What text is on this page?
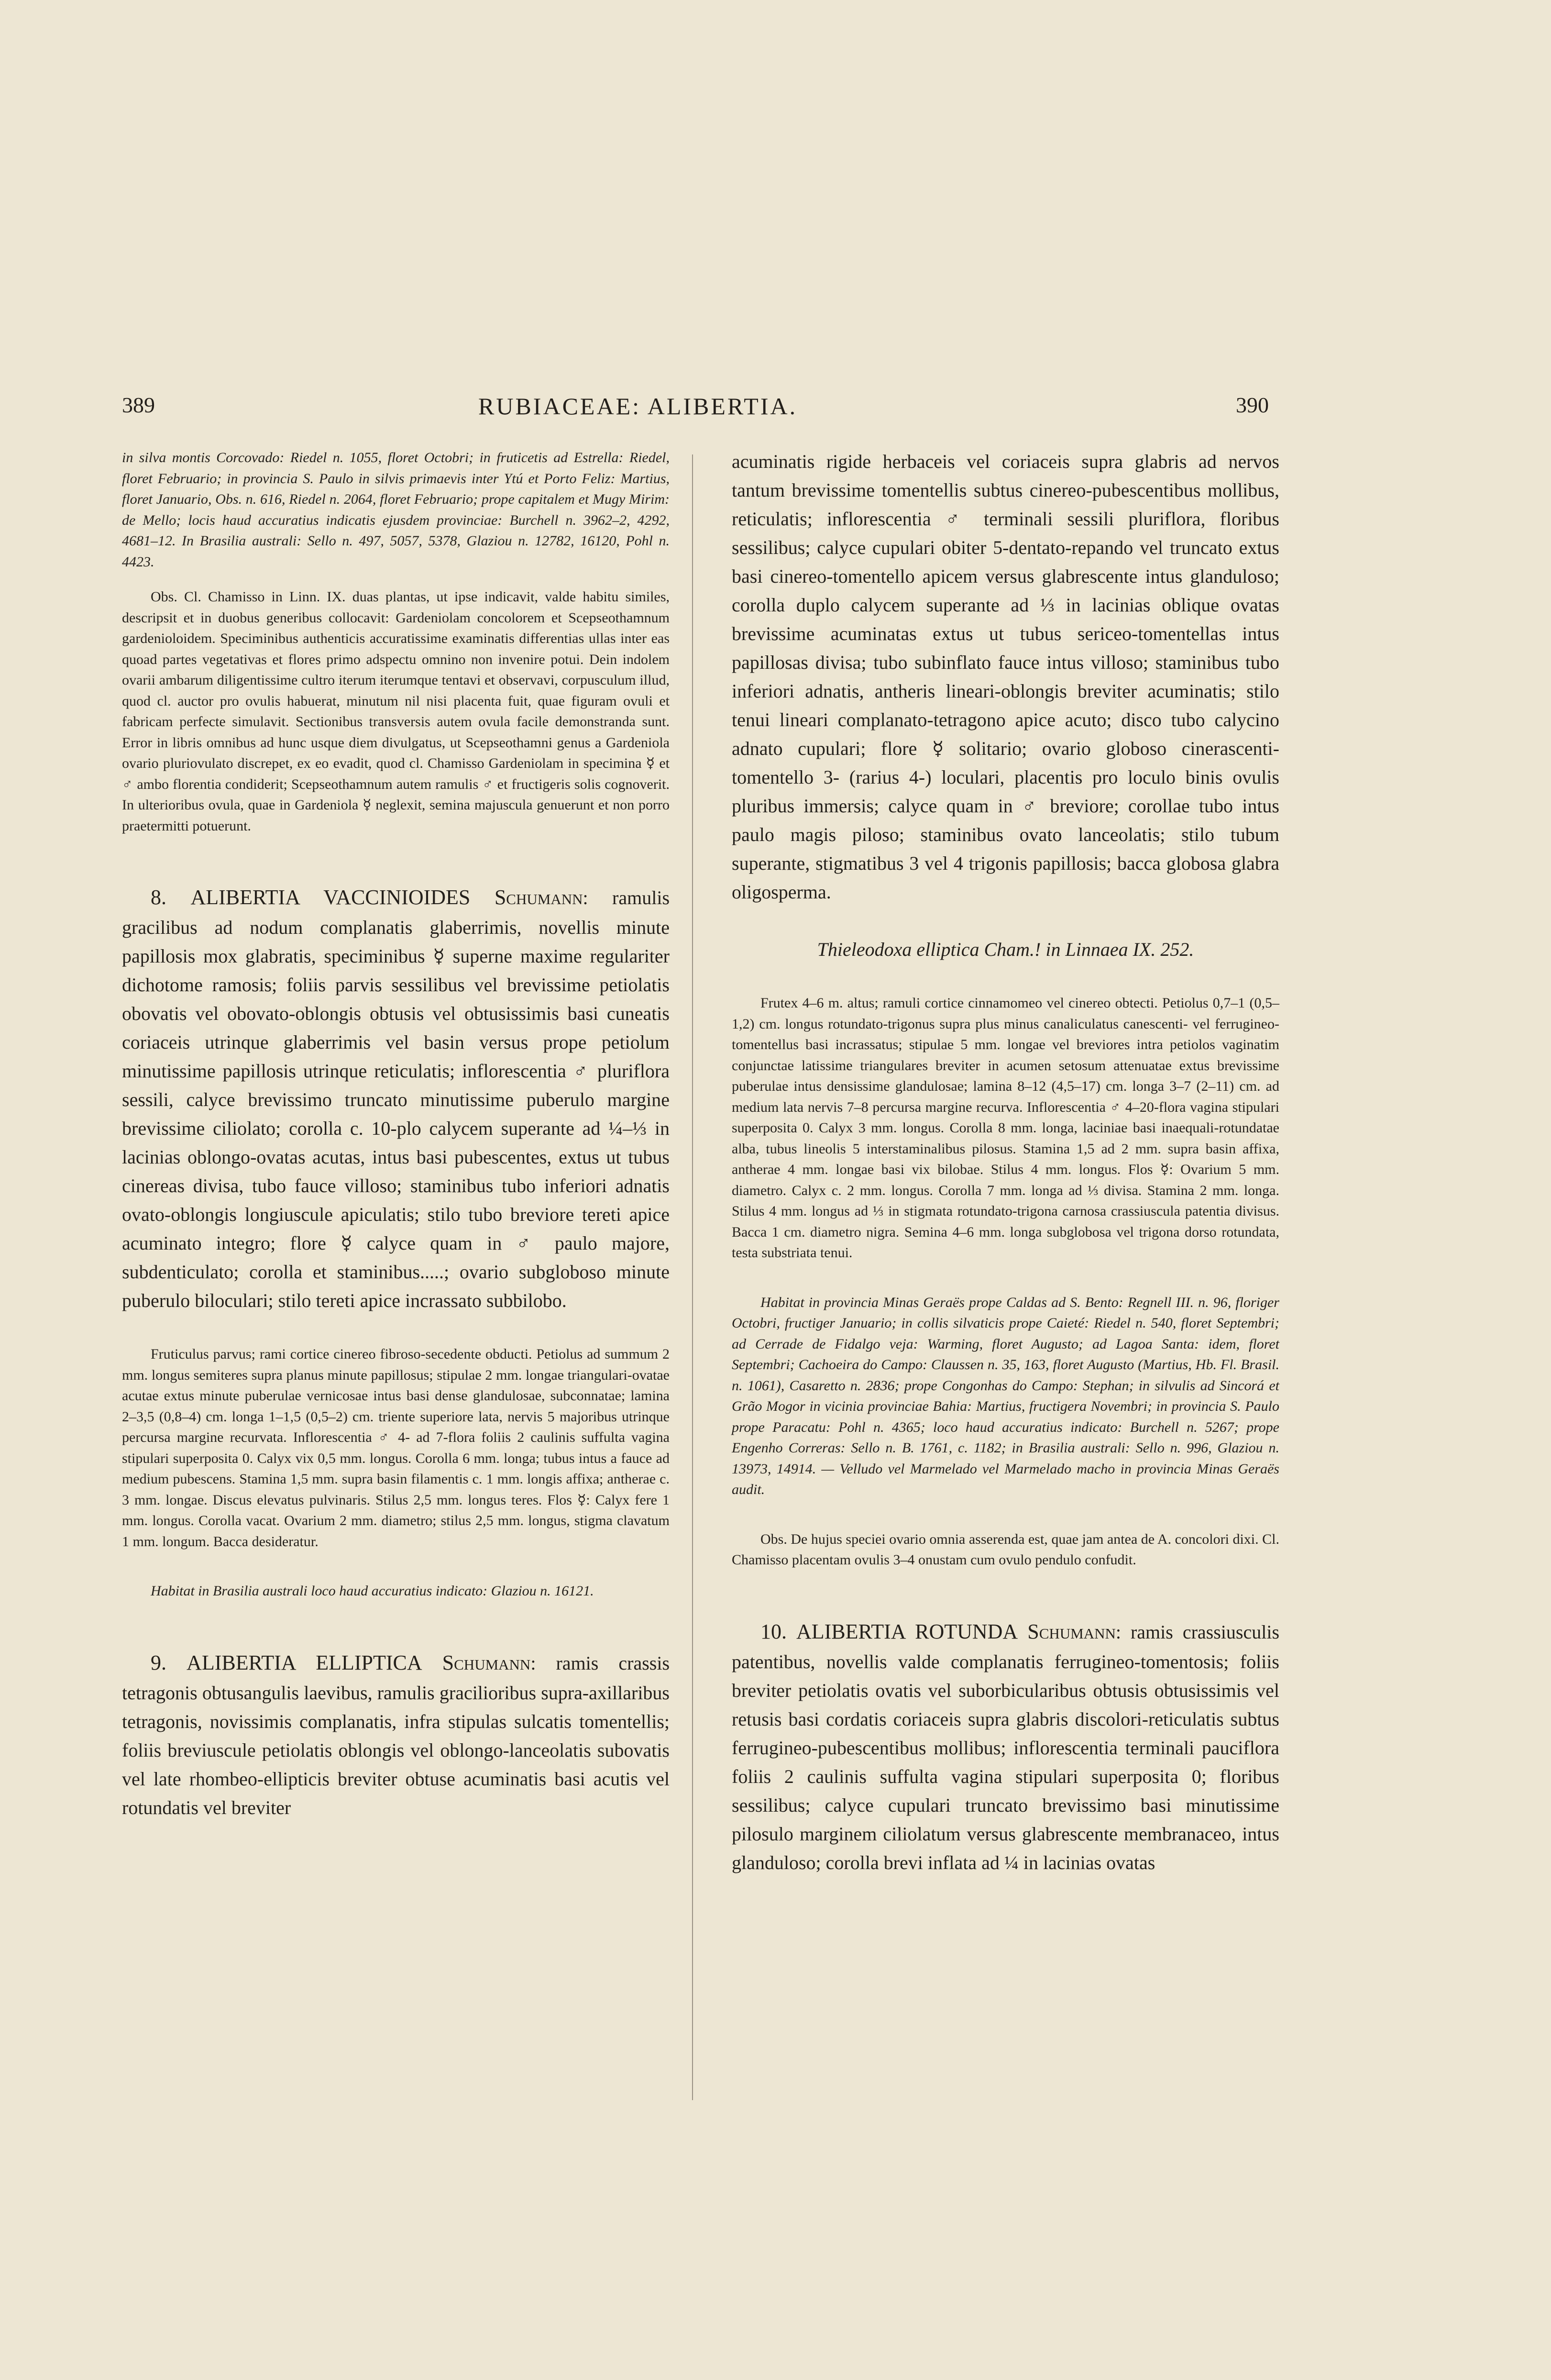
389	RUBIACEAE: ALIBERTIA.	390

in silva montis Corcovado: Riedel n. 1055, floret Octobri; in fruticetis ad Estrella: Riedel, floret Februario; in provincia S. Paulo in silvis primaevis inter Ytú et Porto Feliz: Martius, floret Januario, Obs. n. 616, Riedel n. 2064, floret Februario; prope capitalem et Mugy Mirim: de Mello; locis haud accuratius indicatis ejusdem provinciae: Burchell n. 3962–2, 4292, 4681–12. In Brasilia australi: Sello n. 497, 5057, 5378, Glaziou n. 12782, 16120, Pohl n. 4423.

Obs. Cl. Chamisso in Linn. IX. duas plantas, ut ipse indicavit, valde habitu similes, descripsit et in duobus generibus collocavit: Gardeniolam concolorem et Scepseothamnum gardenioloidem. Speciminibus authenticis accuratissime examinatis differentias ullas inter eas quoad partes vegetativas et flores primo adspectu omnino non invenire potui. Dein indolem ovarii ambarum diligentissime cultro iterum iterumque tentavi et observavi, corpusculum illud, quod cl. auctor pro ovulis habuerat, minutum nil nisi placenta fuit, quae figuram ovuli et fabricam perfecte simulavit. Sectionibus transversis autem ovula facile demonstranda sunt. Error in libris omnibus ad hunc usque diem divulgatus, ut Scepseothamni genus a Gardeniola ovario pluriovulato discrepet, ex eo evadit, quod cl. Chamisso Gardeniolam in specimina ☿ et ♂ ambo florentia condiderit; Scepseothamnum autem ramulis ♂ et fructigeris solis cognoverit. In ulterioribus ovula, quae in Gardeniola ☿ neglexit, semina majuscula genuerunt et non porro praetermitti potuerunt.

8. ALIBERTIA VACCINIOIDES Schumann: ramulis gracilibus ad nodum complanatis glaberrimis, novellis minute papillosis mox glabratis, speciminibus ☿ superne maxime regulariter dichotome ramosis; foliis parvis sessilibus vel brevissime petiolatis obovatis vel obovato-oblongis obtusis vel obtusissimis basi cuneatis coriaceis utrinque glaberrimis vel basin versus prope petiolum minutissime papillosis utrinque reticulatis; inflorescentia ♂ pluriflora sessili, calyce brevissimo truncato minutissime puberulo margine brevissime ciliolato; corolla c. 10-plo calycem superante ad ¼–⅓ in lacinias oblongo-ovatas acutas, intus basi pubescentes, extus ut tubus cinereas divisa, tubo fauce villoso; staminibus tubo inferiori adnatis ovato-oblongis longiuscule apiculatis; stilo tubo breviore tereti apice acuminato integro; flore ☿ calyce quam in ♂ paulo majore, subdenticulato; corolla et staminibus.....; ovario subgloboso minute puberulo biloculari; stilo tereti apice incrassato subbilobo.

Fruticulus parvus; rami cortice cinereo fibroso-secedente obducti. Petiolus ad summum 2 mm. longus semiteres supra planus minute papillosus; stipulae 2 mm. longae triangulari-ovatae acutae extus minute puberulae vernicosae intus basi dense glandulosae, subconnatae; lamina 2–3,5 (0,8–4) cm. longa 1–1,5 (0,5–2) cm. triente superiore lata, nervis 5 majoribus utrinque percursa margine recurvata. Inflorescentia ♂ 4- ad 7-flora foliis 2 caulinis suffulta vagina stipulari superposita 0. Calyx vix 0,5 mm. longus. Corolla 6 mm. longa; tubus intus a fauce ad medium pubescens. Stamina 1,5 mm. supra basin filamentis c. 1 mm. longis affixa; antherae c. 3 mm. longae. Discus elevatus pulvinaris. Stilus 2,5 mm. longus teres. Flos ☿: Calyx fere 1 mm. longus. Corolla vacat. Ovarium 2 mm. diametro; stilus 2,5 mm. longus, stigma clavatum 1 mm. longum. Bacca desideratur.

Habitat in Brasilia australi loco haud accuratius indicato: Glaziou n. 16121.

9. ALIBERTIA ELLIPTICA Schumann: ramis crassis tetragonis obtusangulis laevibus, ramulis gracilioribus supra-axillaribus tetragonis, novissimis complanatis, infra stipulas sulcatis tomentellis; foliis breviuscule petiolatis oblongis vel oblongo-lanceolatis subovatis vel late rhombeo-ellipticis breviter obtuse acuminatis basi acutis vel rotundatis vel breviter

acuminatis rigide herbaceis vel coriaceis supra glabris ad nervos tantum brevissime tomentellis subtus cinereo-pubescentibus mollibus, reticulatis; inflorescentia ♂ terminali sessili pluriflora, floribus sessilibus; calyce cupulari obiter 5-dentato-repando vel truncato extus basi cinereo-tomentello apicem versus glabrescente intus glanduloso; corolla duplo calycem superante ad ⅓ in lacinias oblique ovatas brevissime acuminatas extus ut tubus sericeo-tomentellas intus papillosas divisa; tubo subinflato fauce intus villoso; staminibus tubo inferiori adnatis, antheris lineari-oblongis breviter acuminatis; stilo tenui lineari complanato-tetragono apice acuto; disco tubo calycino adnato cupulari; flore ☿ solitario; ovario globoso cinerascenti-tomentello 3- (rarius 4-) loculari, placentis pro loculo binis ovulis pluribus immersis; calyce quam in ♂ breviore; corollae tubo intus paulo magis piloso; staminibus ovato lanceolatis; stilo tubum superante, stigmatibus 3 vel 4 trigonis papillosis; bacca globosa glabra oligosperma.

Thieleodoxa elliptica Cham.! in Linnaea IX. 252.

Frutex 4–6 m. altus; ramuli cortice cinnamomeo vel cinereo obtecti. Petiolus 0,7–1 (0,5–1,2) cm. longus rotundato-trigonus supra plus minus canaliculatus canescenti- vel ferrugineo-tomentellus basi incrassatus; stipulae 5 mm. longae vel breviores intra petiolos vaginatim conjunctae latissime triangulares breviter in acumen setosum attenuatae extus brevissime puberulae intus densissime glandulosae; lamina 8–12 (4,5–17) cm. longa 3–7 (2–11) cm. ad medium lata nervis 7–8 percursa margine recurva. Inflorescentia ♂ 4–20-flora vagina stipulari superposita 0. Calyx 3 mm. longus. Corolla 8 mm. longa, laciniae basi inaequali-rotundatae alba, tubus lineolis 5 interstaminalibus pilosus. Stamina 1,5 ad 2 mm. supra basin affixa, antherae 4 mm. longae basi vix bilobae. Stilus 4 mm. longus. Flos ☿: Ovarium 5 mm. diametro. Calyx c. 2 mm. longus. Corolla 7 mm. longa ad ⅓ divisa. Stamina 2 mm. longa. Stilus 4 mm. longus ad ⅓ in stigmata rotundato-trigona carnosa crassiuscula patentia divisus. Bacca 1 cm. diametro nigra. Semina 4–6 mm. longa subglobosa vel trigona dorso rotundata, testa substriata tenui.

Habitat in provincia Minas Geraës prope Caldas ad S. Bento: Regnell III. n. 96, floriger Octobri, fructiger Januario; in collis silvaticis prope Caieté: Riedel n. 540, floret Septembri; ad Cerrade de Fidalgo veja: Warming, floret Augusto; ad Lagoa Santa: idem, floret Septembri; Cachoeira do Campo: Claussen n. 35, 163, floret Augusto (Martius, Hb. Fl. Brasil. n. 1061), Casaretto n. 2836; prope Congonhas do Campo: Stephan; in silvulis ad Sincorá et Grão Mogor in vicinia provinciae Bahia: Martius, fructigera Novembri; in provincia S. Paulo prope Paracatu: Pohl n. 4365; loco haud accuratius indicato: Burchell n. 5267; prope Engenho Correras: Sello n. B. 1761, c. 1182; in Brasilia australi: Sello n. 996, Glaziou n. 13973, 14914. — Velludo vel Marmelado vel Marmelado macho in provincia Minas Geraës audit.

Obs. De hujus speciei ovario omnia asserenda est, quae jam antea de A. concolori dixi. Cl. Chamisso placentam ovulis 3–4 onustam cum ovulo pendulo confudit.

10. ALIBERTIA ROTUNDA Schumann: ramis crassiusculis patentibus, novellis valde complanatis ferrugineo-tomentosis; foliis breviter petiolatis ovatis vel suborbicularibus obtusis obtusissimis vel retusis basi cordatis coriaceis supra glabris discolori-reticulatis subtus ferrugineo-pubescentibus mollibus; inflorescentia terminali pauciflora foliis 2 caulinis suffulta vagina stipulari superposita 0; floribus sessilibus; calyce cupulari truncato brevissimo basi minutissime pilosulo marginem ciliolatum versus glabrescente membranaceo, intus glanduloso; corolla brevi inflata ad ¼ in lacinias ovatas
